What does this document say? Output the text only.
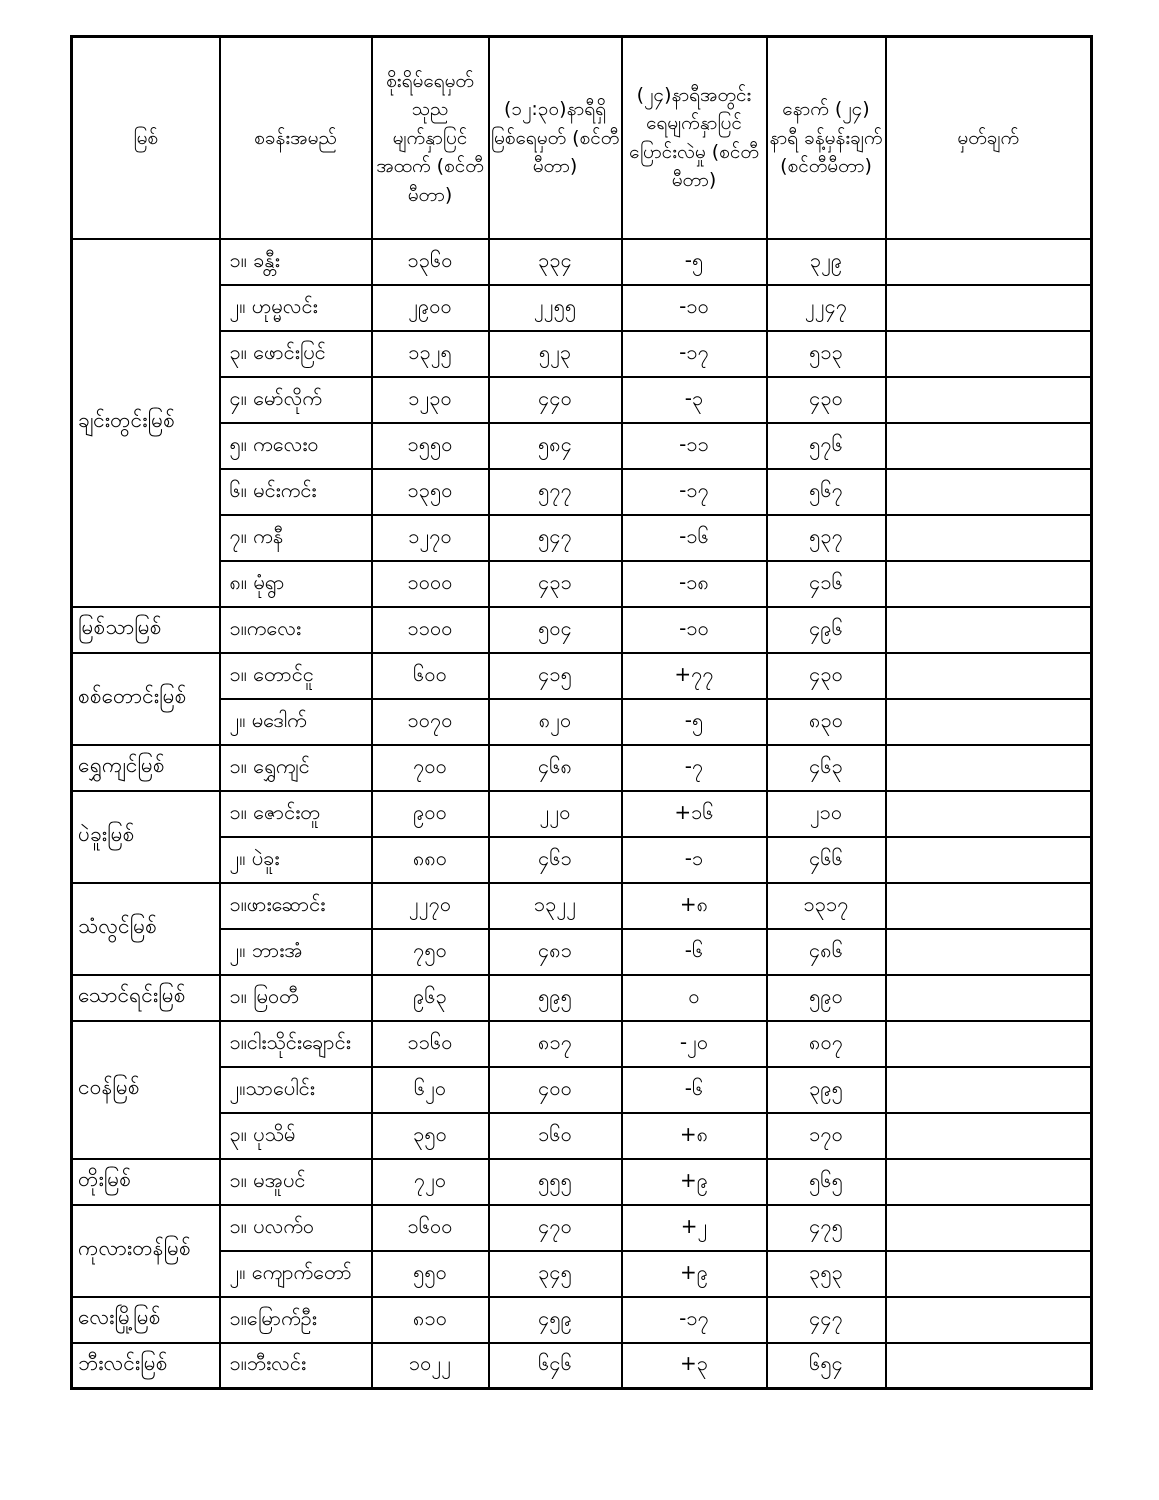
မြစ်	စခန်းအမည်	စိုးရိမ်ရေမှတ် သုည မျက်နှာပြင် အထက် (စင်တီမီတာ)	(၁၂:၃၀)နာရီရှိ မြစ်ရေမှတ် (စင်တီမီတာ)	(၂၄)နာရီအတွင်း ရေမျက်နှာပြင် ပြောင်းလဲမှု (စင်တီမီတာ)	နောက် (၂၄) နာရီ ခန့်မှန်းချက် (စင်တီမီတာ)	မှတ်ချက်
ချင်းတွင်းမြစ်	၁။ ခန္တီး	၁၃၆၀	၃၃၄	-၅	၃၂၉	
	၂။ ဟုမ္မလင်း	၂၉၀၀	၂၂၅၅	-၁၀	၂၂၄၇	
	၃။ ဖောင်းပြင်	၁၃၂၅	၅၂၃	-၁၇	၅၁၃	
	၄။ မော်လိုက်	၁၂၃၀	၄၄၀	-၃	၄၃၀	
	၅။ ကလေးဝ	၁၅၅၀	၅၈၄	-၁၁	၅၇၆	
	၆။ မင်းကင်း	၁၃၅၀	၅၇၇	-၁၇	၅၆၇	
	၇။ ကနီ	၁၂၇၀	၅၄၇	-၁၆	၅၃၇	
	၈။ မုံရွာ	၁၀၀၀	၄၃၁	-၁၈	၄၁၆	
မြစ်သာမြစ်	၁။ကလေး	၁၁၀၀	၅၀၄	-၁၀	၄၉၆	
စစ်တောင်းမြစ်	၁။ တောင်ငူ	၆၀၀	၄၁၅	+၇၇	၄၃၀	
	၂။ မဒေါက်	၁၀၇၀	၈၂၀	-၅	၈၃၀	
ရွှေကျင်မြစ်	၁။ ရွှေကျင်	၇၀၀	၄၆၈	-၇	၄၆၃	
ပဲခူးမြစ်	၁။ ဇောင်းတူ	၉၀၀	၂၂၀	+၁၆	၂၁၀	
	၂။ ပဲခူး	၈၈၀	၄၆၁	-၁	၄၆၆	
သံလွင်မြစ်	၁။ဖားဆောင်း	၂၂၇၀	၁၃၂၂	+၈	၁၃၁၇	
	၂။ ဘားအံ	၇၅၀	၄၈၁	-၆	၄၈၆	
သောင်ရင်းမြစ်	၁။ မြဝတီ	၉၆၃	၅၉၅	၀	၅၉၀	
ငဝန်မြစ်	၁။ငါးသိုင်းချောင်း	၁၁၆၀	၈၁၇	-၂၀	၈၀၇	
	၂။သာပေါင်း	၆၂၀	၄၀၀	-၆	၃၉၅	
	၃။ ပုသိမ်	၃၅၀	၁၆၀	+၈	၁၇၀	
တိုးမြစ်	၁။ မအူပင်	၇၂၀	၅၅၅	+၉	၅၆၅	
ကုလားတန်မြစ်	၁။ ပလက်ဝ	၁၆၀၀	၄၇၀	+၂	၄၇၅	
	၂။ ကျောက်တော်	၅၅၀	၃၄၅	+၉	၃၅၃	
လေးမြို့မြစ်	၁။မြောက်ဦး	၈၁၀	၄၅၉	-၁၇	၄၄၇	
ဘီးလင်းမြစ်	၁။ဘီးလင်း	၁၀၂၂	၆၄၆	+၃	၆၅၄	
